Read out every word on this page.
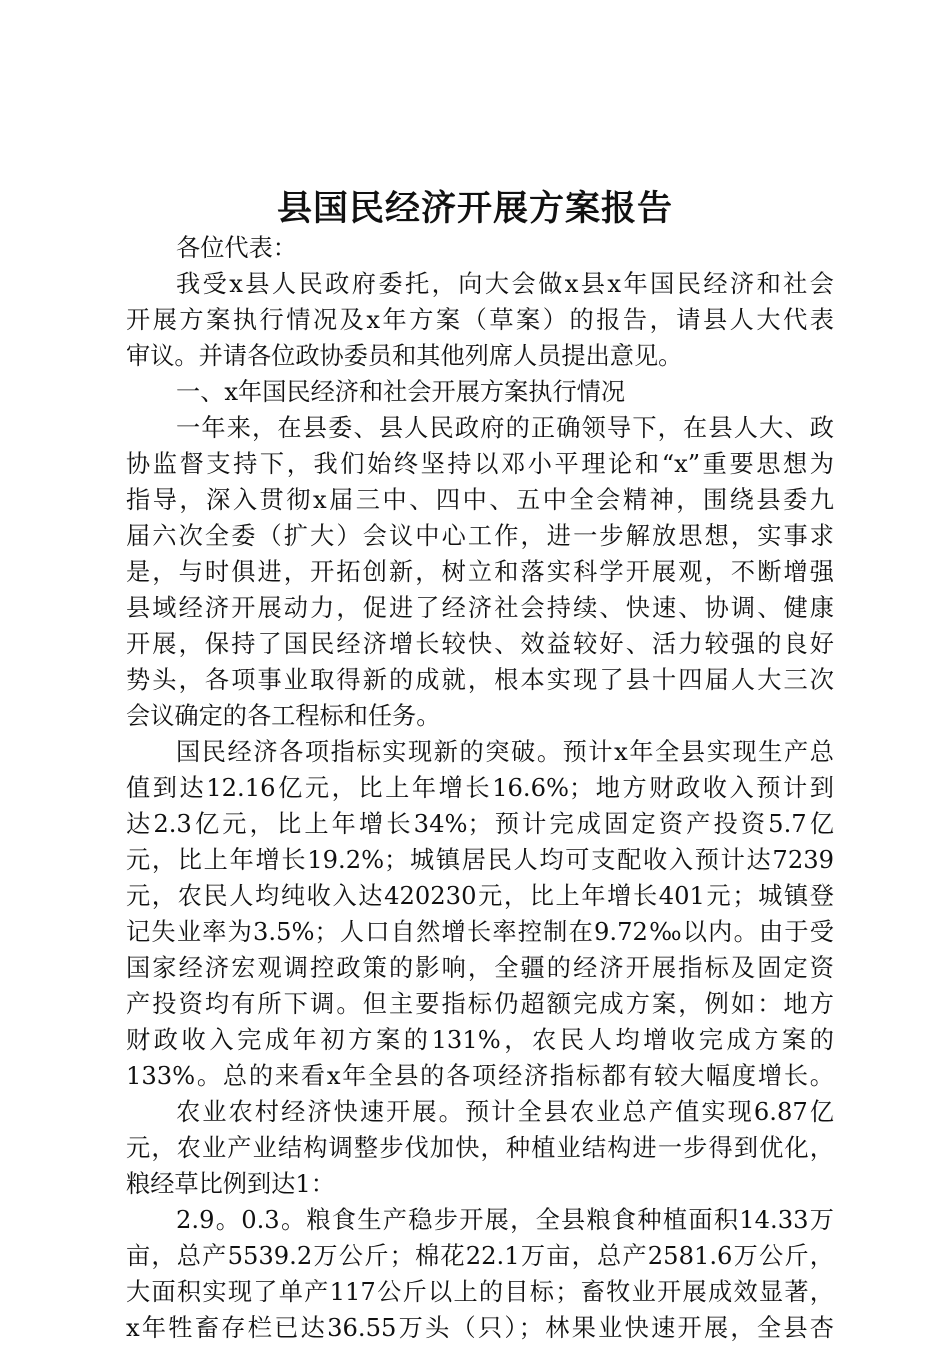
县国民经济开展方案报告
各位代表：
我受x县人民政府委托，向大会做x县x年国民经济和社会
开展方案执行情况及x年方案（草案）的报告，请县人大代表
审议。并请各位政协委员和其他列席人员提出意见。
一、x年国民经济和社会开展方案执行情况
一年来，在县委、县人民政府的正确领导下，在县人大、政
协监督支持下，我们始终坚持以邓小平理论和“x”重要思想为
指导，深入贯彻x届三中、四中、五中全会精神，围绕县委九
届六次全委（扩大）会议中心工作，进一步解放思想，实事求
是，与时俱进，开拓创新，树立和落实科学开展观，不断增强
县域经济开展动力，促进了经济社会持续、快速、协调、健康
开展，保持了国民经济增长较快、效益较好、活力较强的良好
势头，各项事业取得新的成就，根本实现了县十四届人大三次
会议确定的各工程标和任务。
国民经济各项指标实现新的突破。预计x年全县实现生产总
值到达12.16亿元，比上年增长16.6%；地方财政收入预计到
达2.3亿元，比上年增长34%；预计完成固定资产投资5.7亿
元，比上年增长19.2%；城镇居民人均可支配收入预计达7239
元，农民人均纯收入达420230元，比上年增长401元；城镇登
记失业率为3.5%；人口自然增长率控制在9.72‰以内。由于受
国家经济宏观调控政策的影响，全疆的经济开展指标及固定资
产投资均有所下调。但主要指标仍超额完成方案，例如：地方
财政收入完成年初方案的131%，农民人均增收完成方案的
133%。总的来看x年全县的各项经济指标都有较大幅度增长。
农业农村经济快速开展。预计全县农业总产值实现6.87亿
元，农业产业结构调整步伐加快，种植业结构进一步得到优化，
粮经草比例到达1：
2.9。0.3。粮食生产稳步开展，全县粮食种植面积14.33万
亩，总产5539.2万公斤；棉花22.1万亩，总产2581.6万公斤，
大面积实现了单产117公斤以上的目标；畜牧业开展成效显著，
x年牲畜存栏已达36.55万头（只）；林果业快速开展，全县杏
